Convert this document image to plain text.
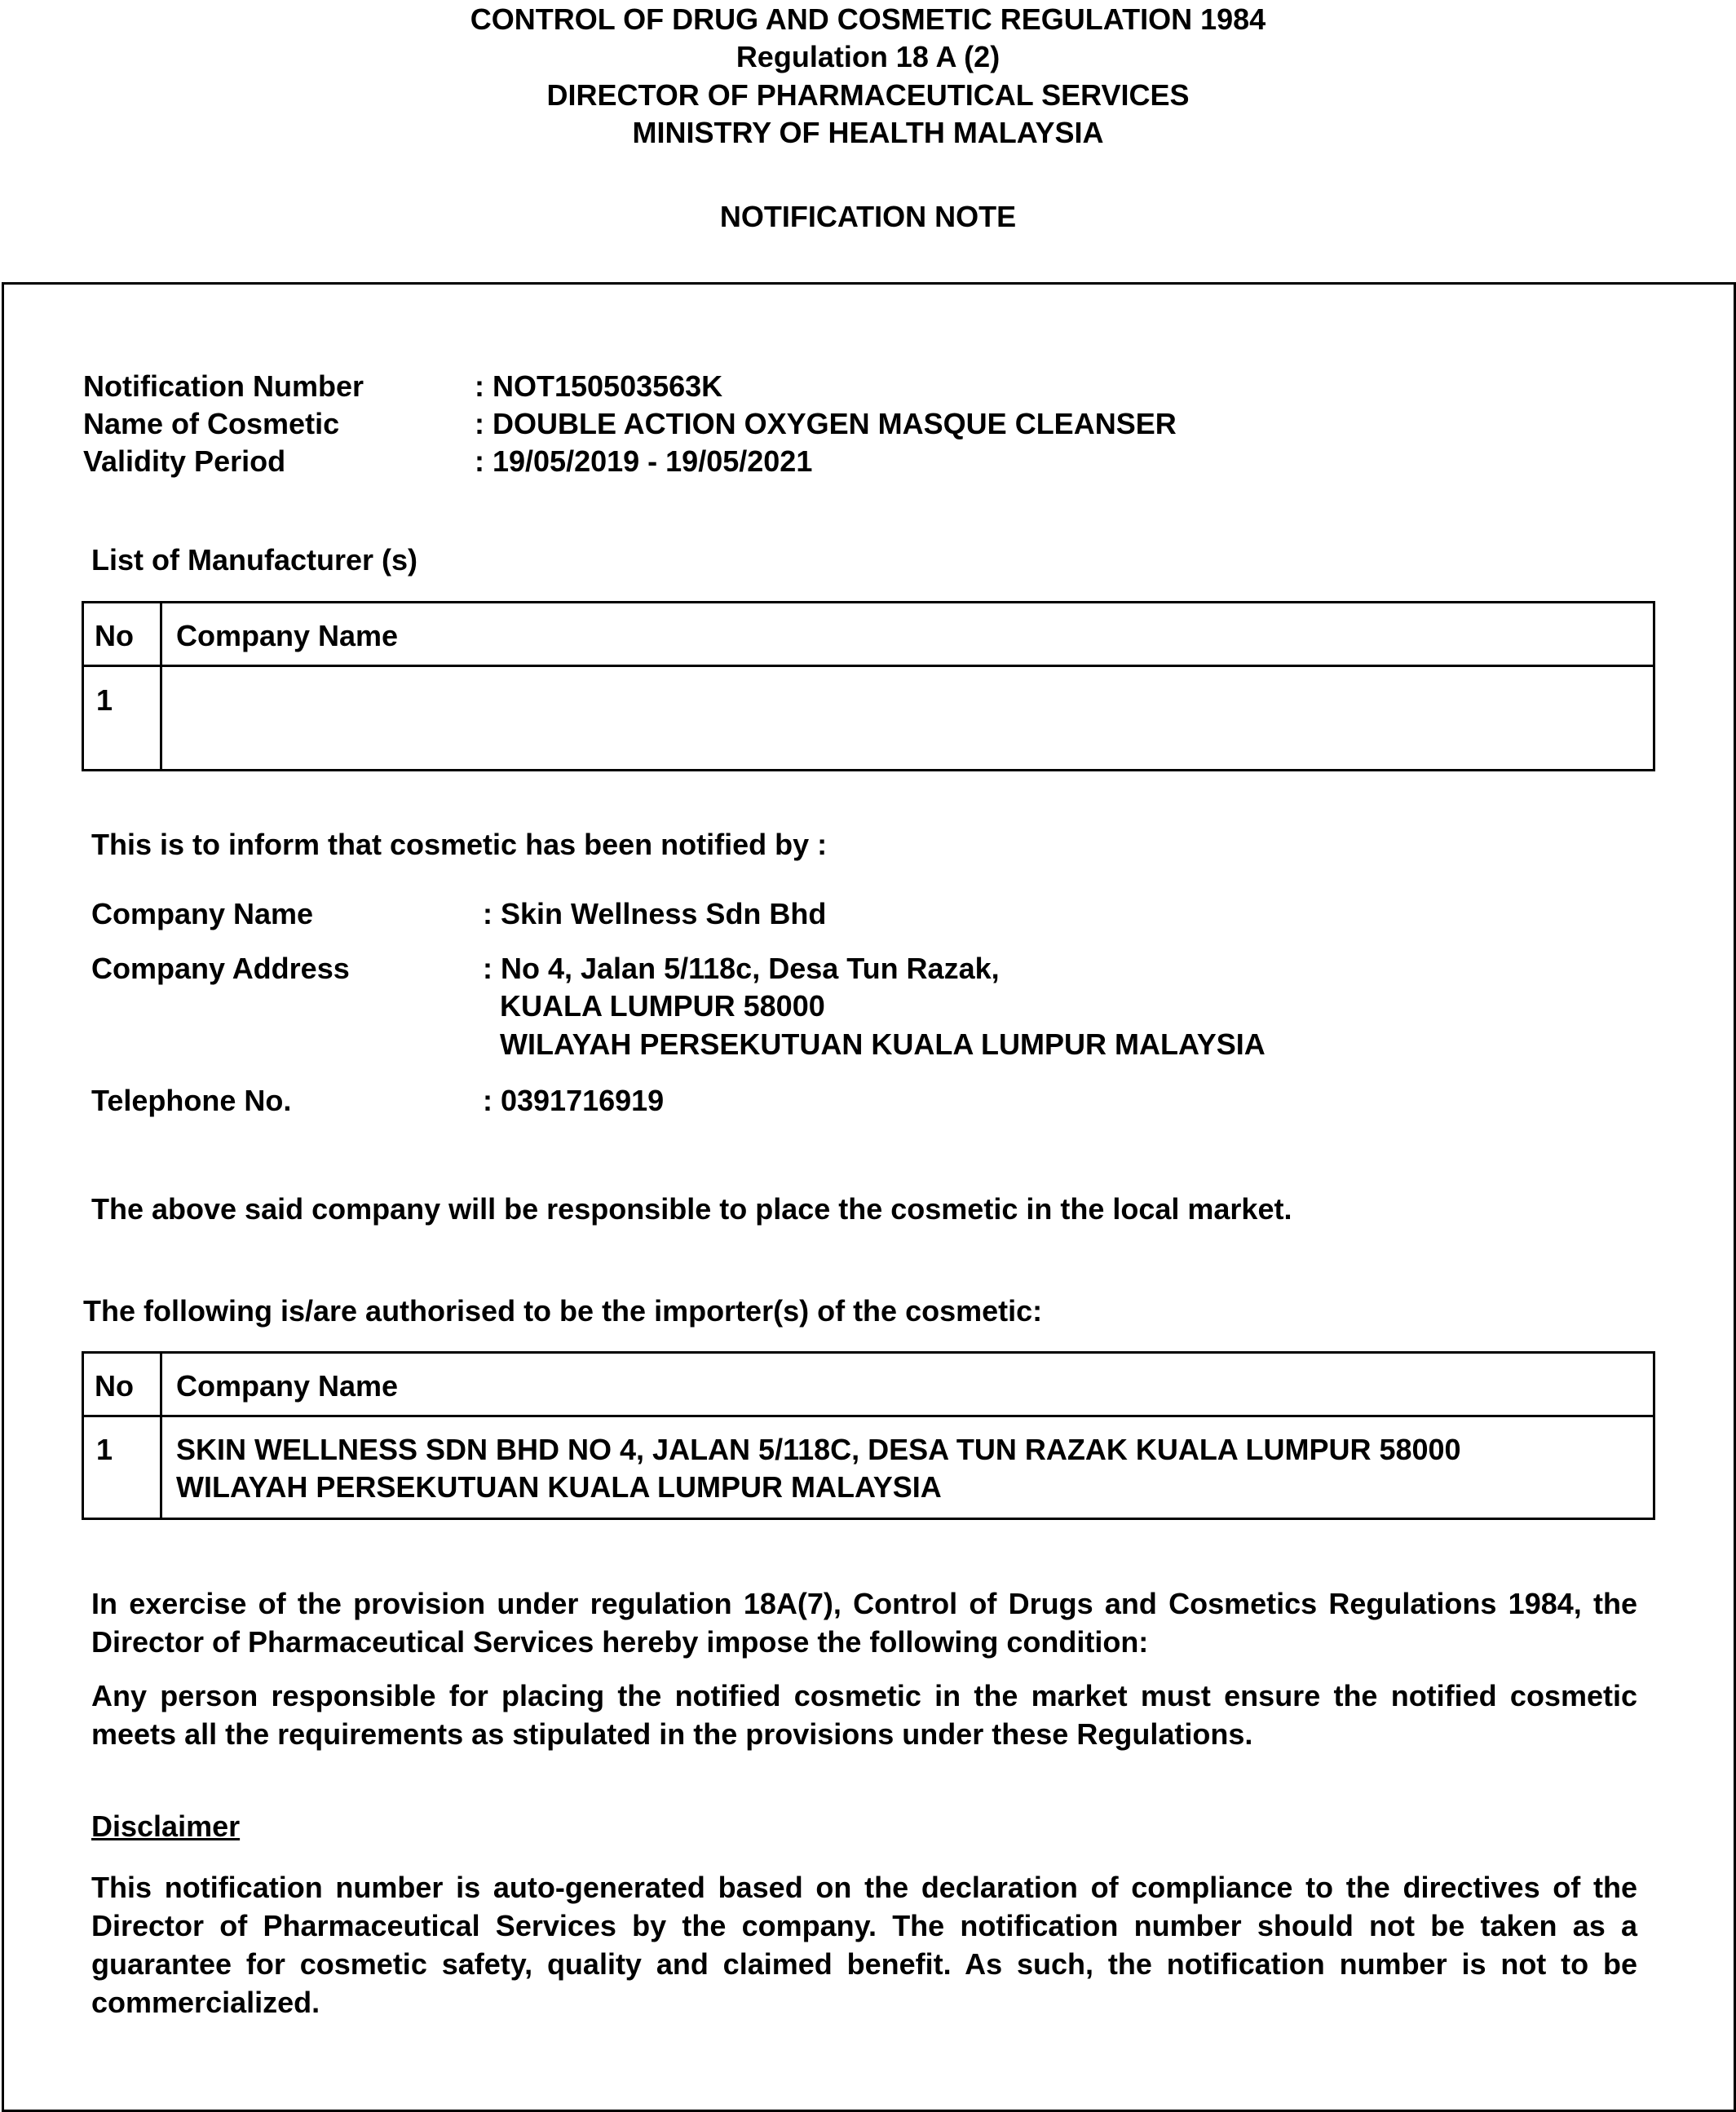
CONTROL OF DRUG AND COSMETIC REGULATION 1984
Regulation 18 A (2)
DIRECTOR OF PHARMACEUTICAL SERVICES
MINISTRY OF HEALTH MALAYSIA
NOTIFICATION NOTE
Notification Number	: NOT150503563K
Name of Cosmetic	: DOUBLE ACTION OXYGEN MASQUE CLEANSER
Validity Period	: 19/05/2019 - 19/05/2021
List of Manufacturer (s)
No Company Name
1
This is to inform that cosmetic has been notified by :
Company Name	: Skin Wellness Sdn Bhd
Company Address	: No 4, Jalan 5/118c, Desa Tun Razak,
KUALA LUMPUR 58000
WILAYAH PERSEKUTUAN KUALA LUMPUR MALAYSIA
Telephone No.	: 0391716919
The above said company will be responsible to place the cosmetic in the local market.
The following is/are authorised to be the importer(s) of the cosmetic:
No Company Name
1 SKIN WELLNESS SDN BHD NO 4, JALAN 5/118C, DESA TUN RAZAK KUALA LUMPUR 58000
WILAYAH PERSEKUTUAN KUALA LUMPUR MALAYSIA
In exercise of the provision under regulation 18A(7), Control of Drugs and Cosmetics Regulations 1984, the Director of Pharmaceutical Services hereby impose the following condition:
Any person responsible for placing the notified cosmetic in the market must ensure the notified cosmetic meets all the requirements as stipulated in the provisions under these Regulations.
Disclaimer
This notification number is auto-generated based on the declaration of compliance to the directives of the Director of Pharmaceutical Services by the company. The notification number should not be taken as a guarantee for cosmetic safety, quality and claimed benefit. As such, the notification number is not to be commercialized.
